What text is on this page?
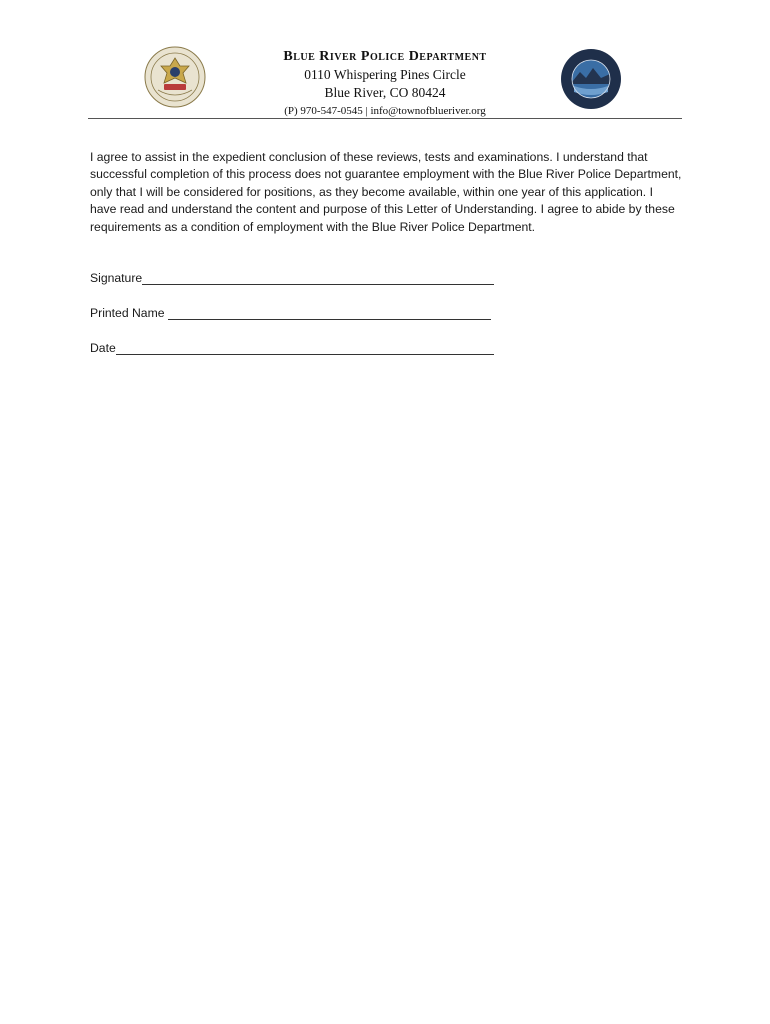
Blue River Police Department
0110 Whispering Pines Circle
Blue River, CO 80424
(P) 970-547-0545 | info@townofblueriver.org
I agree to assist in the expedient conclusion of these reviews, tests and examinations. I understand that successful completion of this process does not guarantee employment with the Blue River Police Department, only that I will be considered for positions, as they become available, within one year of this application. I have read and understand the content and purpose of this Letter of Understanding. I agree to abide by these requirements as a condition of employment with the Blue River Police Department.
Signature
Printed Name
Date
